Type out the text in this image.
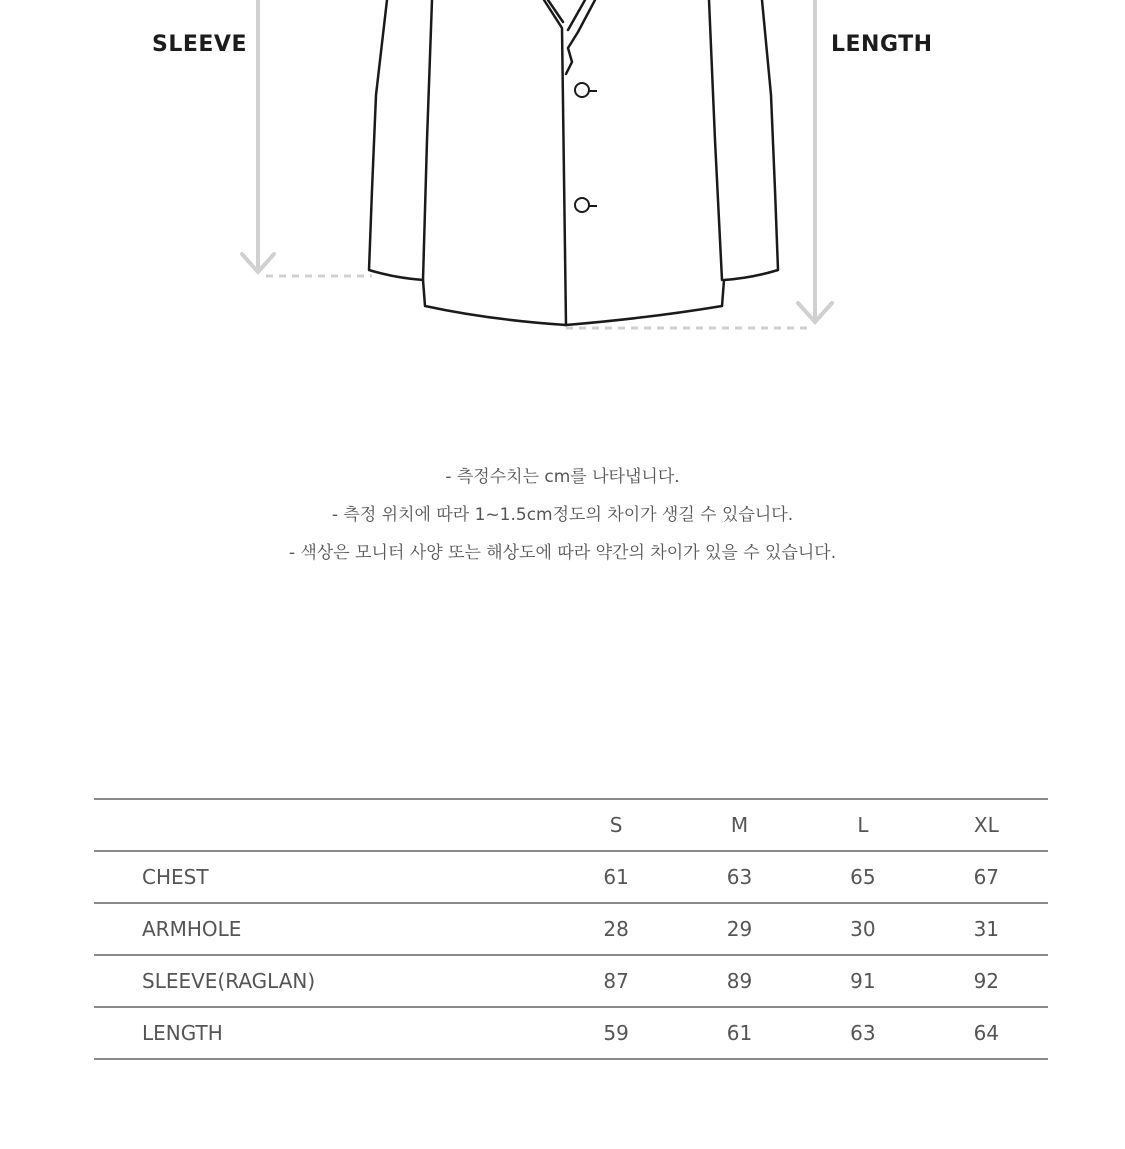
SLEEVE	LENGTH
- 측정수치는 cm를 나타냅니다.
- 측정 위치에 따라 1~1.5cm정도의 차이가 생길 수 있습니다.
- 색상은 모니터 사양 또는 해상도에 따라 약간의 차이가 있을 수 있습니다.
	S	M	L	XL
CHEST	61	63	65	67
ARMHOLE	28	29	30	31
SLEEVE(RAGLAN)	87	89	91	92
LENGTH	59	61	63	64
